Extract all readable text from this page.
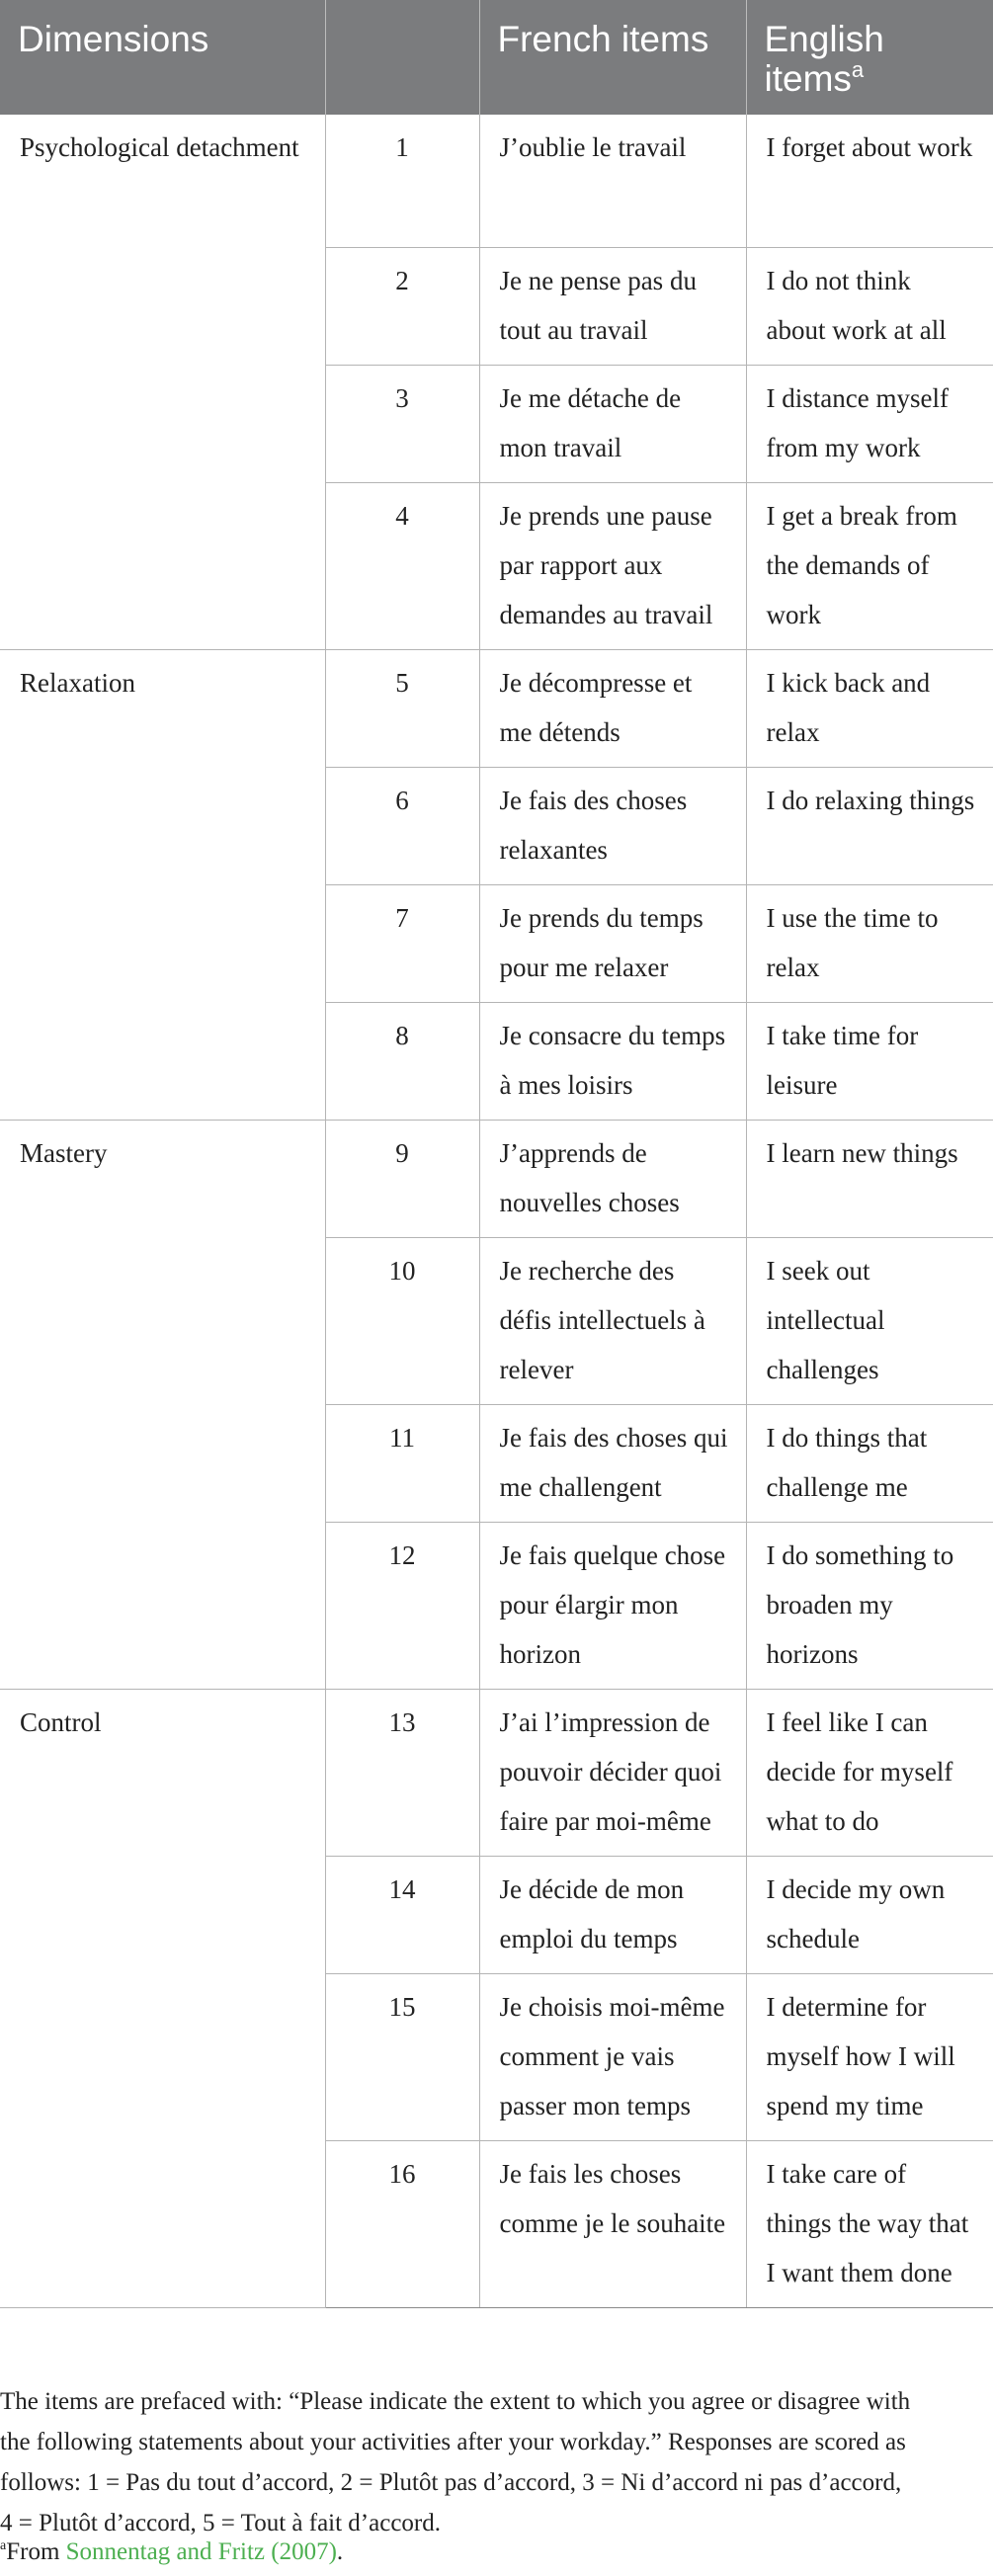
Dimensions		French items	English items$^a$
Psychological detachment	1	J’oublie le travail	I forget about work
	2	Je ne pense pas du tout au travail	I do not think about work at all
	3	Je me détache de mon travail	I distance myself from my work
	4	Je prends une pause par rapport aux demandes au travail	I get a break from the demands of work
Relaxation	5	Je décompresse et me détends	I kick back and relax
	6	Je fais des choses relaxantes	I do relaxing things
	7	Je prends du temps pour me relaxer	I use the time to relax
	8	Je consacre du temps à mes loisirs	I take time for leisure
Mastery	9	J’apprends de nouvelles choses	I learn new things
	10	Je recherche des défis intellectuels à relever	I seek out intellectual challenges
	11	Je fais des choses qui me challengent	I do things that challenge me
	12	Je fais quelque chose pour élargir mon horizon	I do something to broaden my horizons
Control	13	J’ai l’impression de pouvoir décider quoi faire par moi-même	I feel like I can decide for myself what to do
	14	Je décide de mon emploi du temps	I decide my own schedule
	15	Je choisis moi-même comment je vais passer mon temps	I determine for myself how I will spend my time
	16	Je fais les choses comme je le souhaite	I take care of things the way that I want them done
The items are prefaced with: “Please indicate the extent to which you agree or disagree with
the following statements about your activities after your workday.” Responses are scored as
follows: 1 = Pas du tout d’accord, 2 = Plutôt pas d’accord, 3 = Ni d’accord ni pas d’accord,
4 = Plutôt d’accord, 5 = Tout à fait d’accord.
$^a$From Sonnentag and Fritz (2007).
